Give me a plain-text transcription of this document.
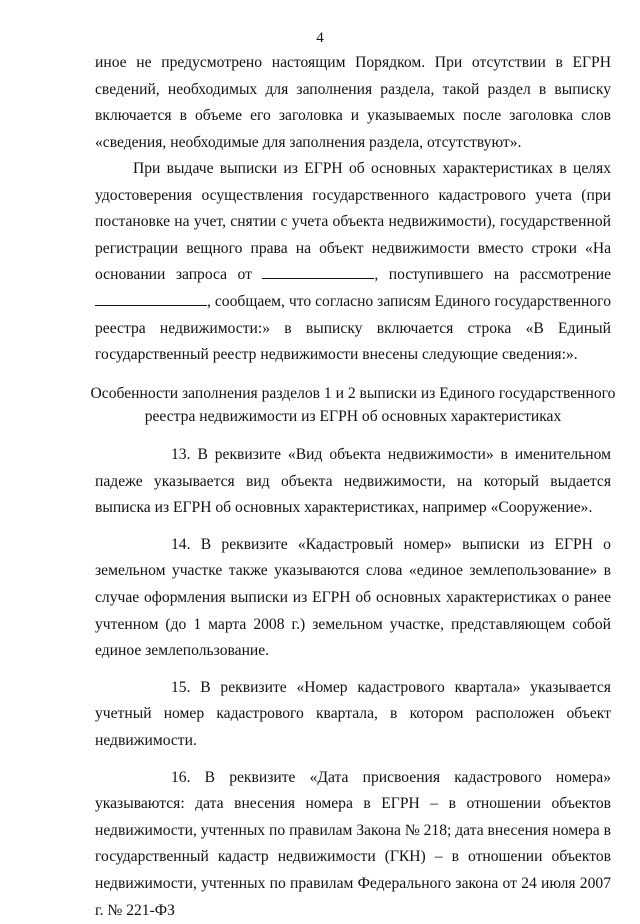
4

иное не предусмотрено настоящим Порядком. При отсутствии в ЕГРН сведений, необходимых для заполнения раздела, такой раздел в выписку включается в объеме его заголовка и указываемых после заголовка слов «сведения, необходимые для заполнения раздела, отсутствуют».

При выдаче выписки из ЕГРН об основных характеристиках в целях удостоверения осуществления государственного кадастрового учета (при постановке на учет, снятии с учета объекта недвижимости), государственной регистрации вещного права на объект недвижимости вместо строки «На основании запроса от	, поступившего на рассмотрение , сообщаем, что согласно записям Единого государственного реестра недвижимости:» в выписку включается строка «В Единый государственный реестр недвижимости внесены следующие сведения:».

Особенности заполнения разделов 1 и 2 выписки из Единого государственного реестра недвижимости из ЕГРН об основных характеристиках

13. В реквизите «Вид объекта недвижимости» в именительном падеже указывается вид объекта недвижимости, на который выдается выписка из ЕГРН об основных характеристиках, например «Сооружение».

14. В реквизите «Кадастровый номер» выписки из ЕГРН о земельном участке также указываются слова «единое землепользование» в случае оформления выписки из ЕГРН об основных характеристиках о ранее учтенном (до 1 марта 2008 г.) земельном участке, представляющем собой единое землепользование.

15. В реквизите «Номер кадастрового квартала» указывается учетный номер кадастрового квартала, в котором расположен объект недвижимости.

16. В реквизите «Дата присвоения кадастрового номера» указываются: дата внесения номера в ЕГРН – в отношении объектов недвижимости, учтенных по правилам Закона № 218; дата внесения номера в государственный кадастр недвижимости (ГКН) – в отношении объектов недвижимости, учтенных по правилам Федерального закона от 24 июля 2007 г. № 221-ФЗ
